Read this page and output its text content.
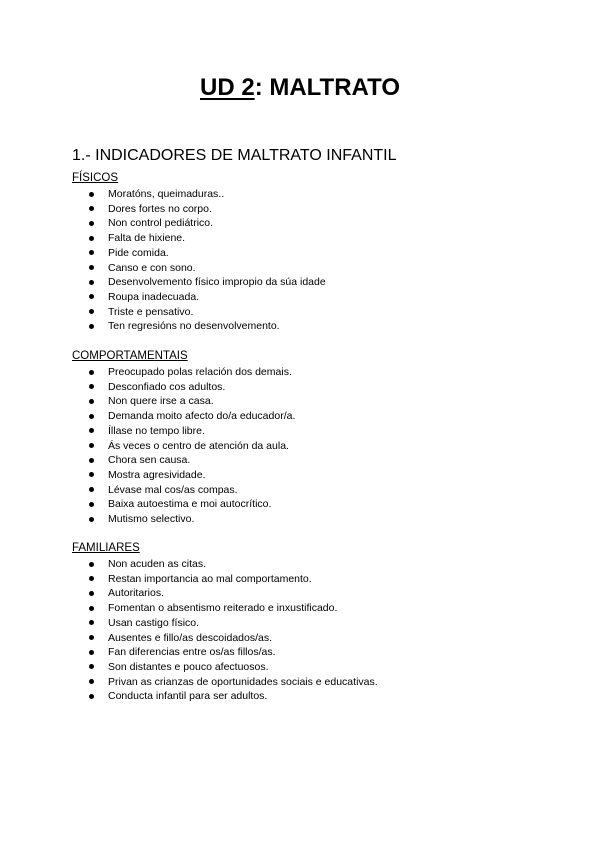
UD 2: MALTRATO
1.- INDICADORES DE MALTRATO INFANTIL
FÍSICOS
Moratóns, queimaduras..
Dores fortes no corpo.
Non control pediátrico.
Falta de hixiene.
Pide comida.
Canso e con sono.
Desenvolvemento físico impropio da súa idade
Roupa inadecuada.
Triste e pensativo.
Ten regresións no desenvolvemento.
COMPORTAMENTAIS
Preocupado polas relación dos demais.
Desconfiado cos adultos.
Non quere irse a casa.
Demanda moito afecto do/a educador/a.
Íllase no tempo libre.
Ás veces o centro de atención da aula.
Chora sen causa.
Mostra agresividade.
Lévase mal cos/as compas.
Baixa autoestima e moi autocrítico.
Mutismo selectivo.
FAMILIARES
Non acuden as citas.
Restan importancia ao mal comportamento.
Autoritarios.
Fomentan o absentismo reiterado e inxustificado.
Usan castigo físico.
Ausentes e fillo/as descoidados/as.
Fan diferencias entre os/as fillos/as.
Son distantes e pouco afectuosos.
Privan as crianzas de oportunidades sociais e educativas.
Conducta infantil para ser adultos.
